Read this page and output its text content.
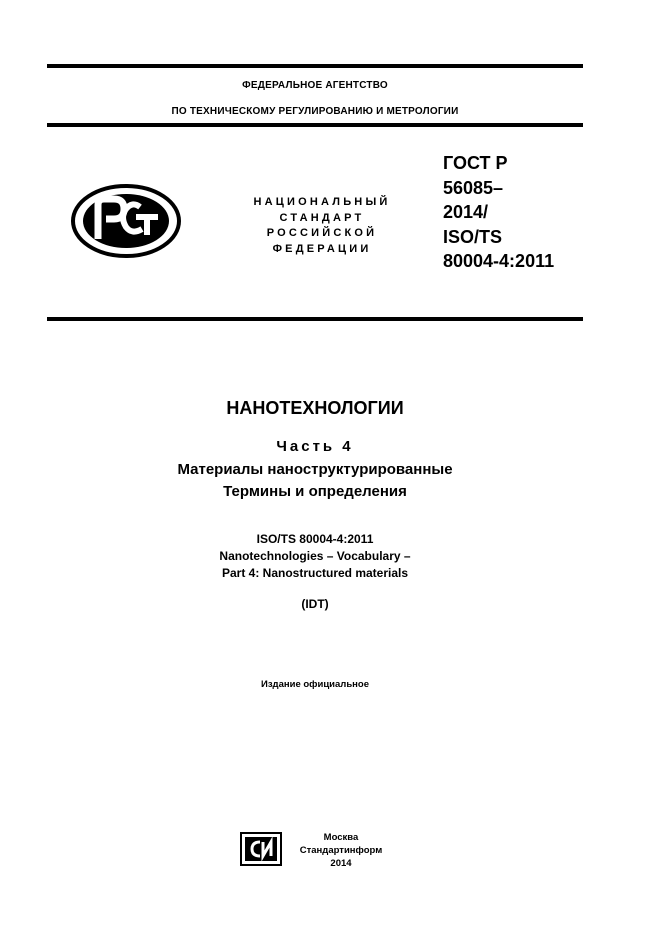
ФЕДЕРАЛЬНОЕ АГЕНТСТВО
ПО ТЕХНИЧЕСКОМУ РЕГУЛИРОВАНИЮ И МЕТРОЛОГИИ
НАЦИОНАЛЬНЫЙ
СТАНДАРТ
РОССИЙСКОЙ
ФЕДЕРАЦИИ
ГОСТ Р
56085–
2014/
ISO/TS
80004-4:2011
НАНОТЕХНОЛОГИИ
Часть 4
Материалы наноструктурированные
Термины и определения
ISO/TS 80004-4:2011
Nanotechnologies – Vocabulary –
Part 4: Nanostructured materials
(IDT)
Издание официальное
Москва
Стандартинформ
2014
